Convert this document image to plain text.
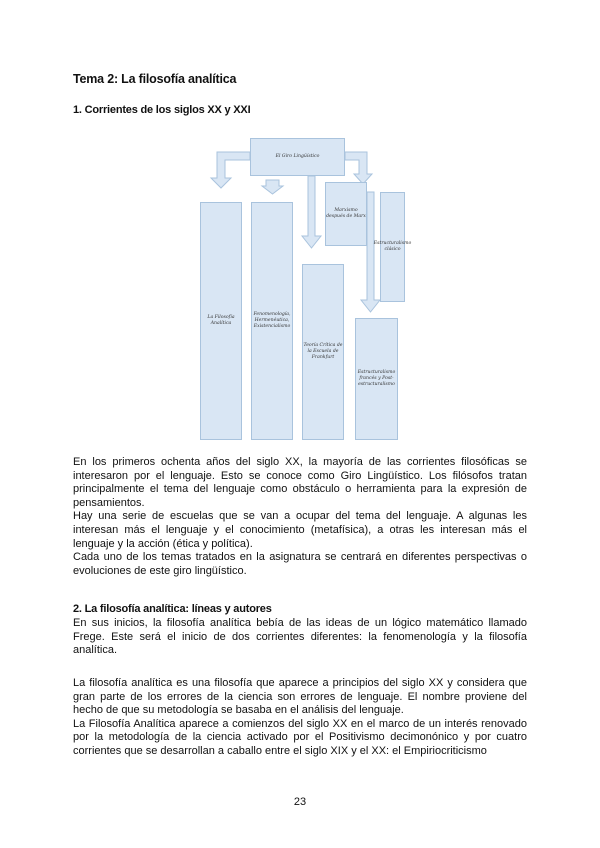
Tema 2: La filosofía analítica
1. Corrientes de los siglos XX y XXI
El Giro Lingüístico
La Filosofía Analítica
Fenomenología, Hermenéutica, Existencialismo
Marxismo después de Marx
Teoría Crítica de la Escuela de Frankfurt
Estructuralismo clásico
Estructuralismo francés y Post-estructuralismo
En los primeros ochenta años del siglo XX, la mayoría de las corrientes filosóficas se interesaron por el lenguaje. Esto se conoce como Giro Lingüístico. Los filósofos tratan principalmente el tema del lenguaje como obstáculo o herramienta para la expresión de pensamientos.
Hay una serie de escuelas que se van a ocupar del tema del lenguaje. A algunas les interesan más el lenguaje y el conocimiento (metafísica), a otras les interesan más el lenguaje y la acción (ética y política).
Cada uno de los temas tratados en la asignatura se centrará en diferentes perspectivas o evoluciones de este giro lingüístico.
2. La filosofía analítica: líneas y autores
En sus inicios, la filosofía analítica bebía de las ideas de un lógico matemático llamado Frege. Este será el inicio de dos corrientes diferentes: la fenomenología y la filosofía analítica.
La filosofía analítica es una filosofía que aparece a principios del siglo XX y considera que gran parte de los errores de la ciencia son errores de lenguaje. El nombre proviene del hecho de que su metodología se basaba en el análisis del lenguaje.
La Filosofía Analítica aparece a comienzos del siglo XX en el marco de un interés renovado por la metodología de la ciencia activado por el Positivismo decimonónico y por cuatro corrientes que se desarrollan a caballo entre el siglo XIX y el XX: el Empiriocriticismo
23
